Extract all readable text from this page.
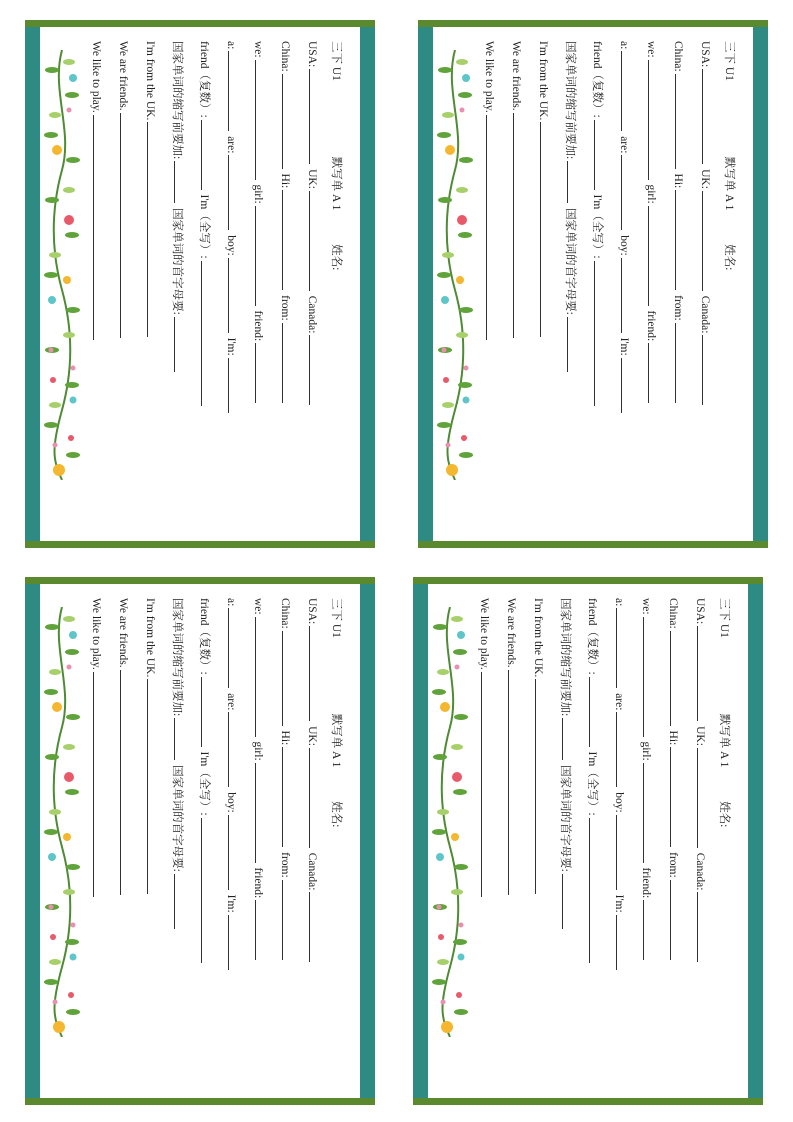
三下 U1  默写单 A 1  姓名:
USA: UK: Canada:
China: Hi: from:
we: girl: friend:
a: are: boy: I'm:
friend（复数）: I'm（全写）:
国家单词的缩写前要加: 国家单词的首字母要:
I'm from the UK.
We are friends.
We like to play.
三下 U1  默写单 A 1  姓名:
USA: UK: Canada:
China: Hi: from:
we: girl: friend:
a: are: boy: I'm:
friend（复数）: I'm（全写）:
国家单词的缩写前要加: 国家单词的首字母要:
I'm from the UK.
We are friends.
We like to play.
三下 U1  默写单 A 1  姓名:
USA: UK: Canada:
China: Hi: from:
we: girl: friend:
a: are: boy: I'm:
friend（复数）: I'm（全写）:
国家单词的缩写前要加: 国家单词的首字母要:
I'm from the UK.
We are friends.
We like to play.
三下 U1  默写单 A 1  姓名:
USA: UK: Canada:
China: Hi: from:
we: girl: friend:
a: are: boy: I'm:
friend（复数）: I'm（全写）:
国家单词的缩写前要加: 国家单词的首字母要:
I'm from the UK.
We are friends.
We like to play.
